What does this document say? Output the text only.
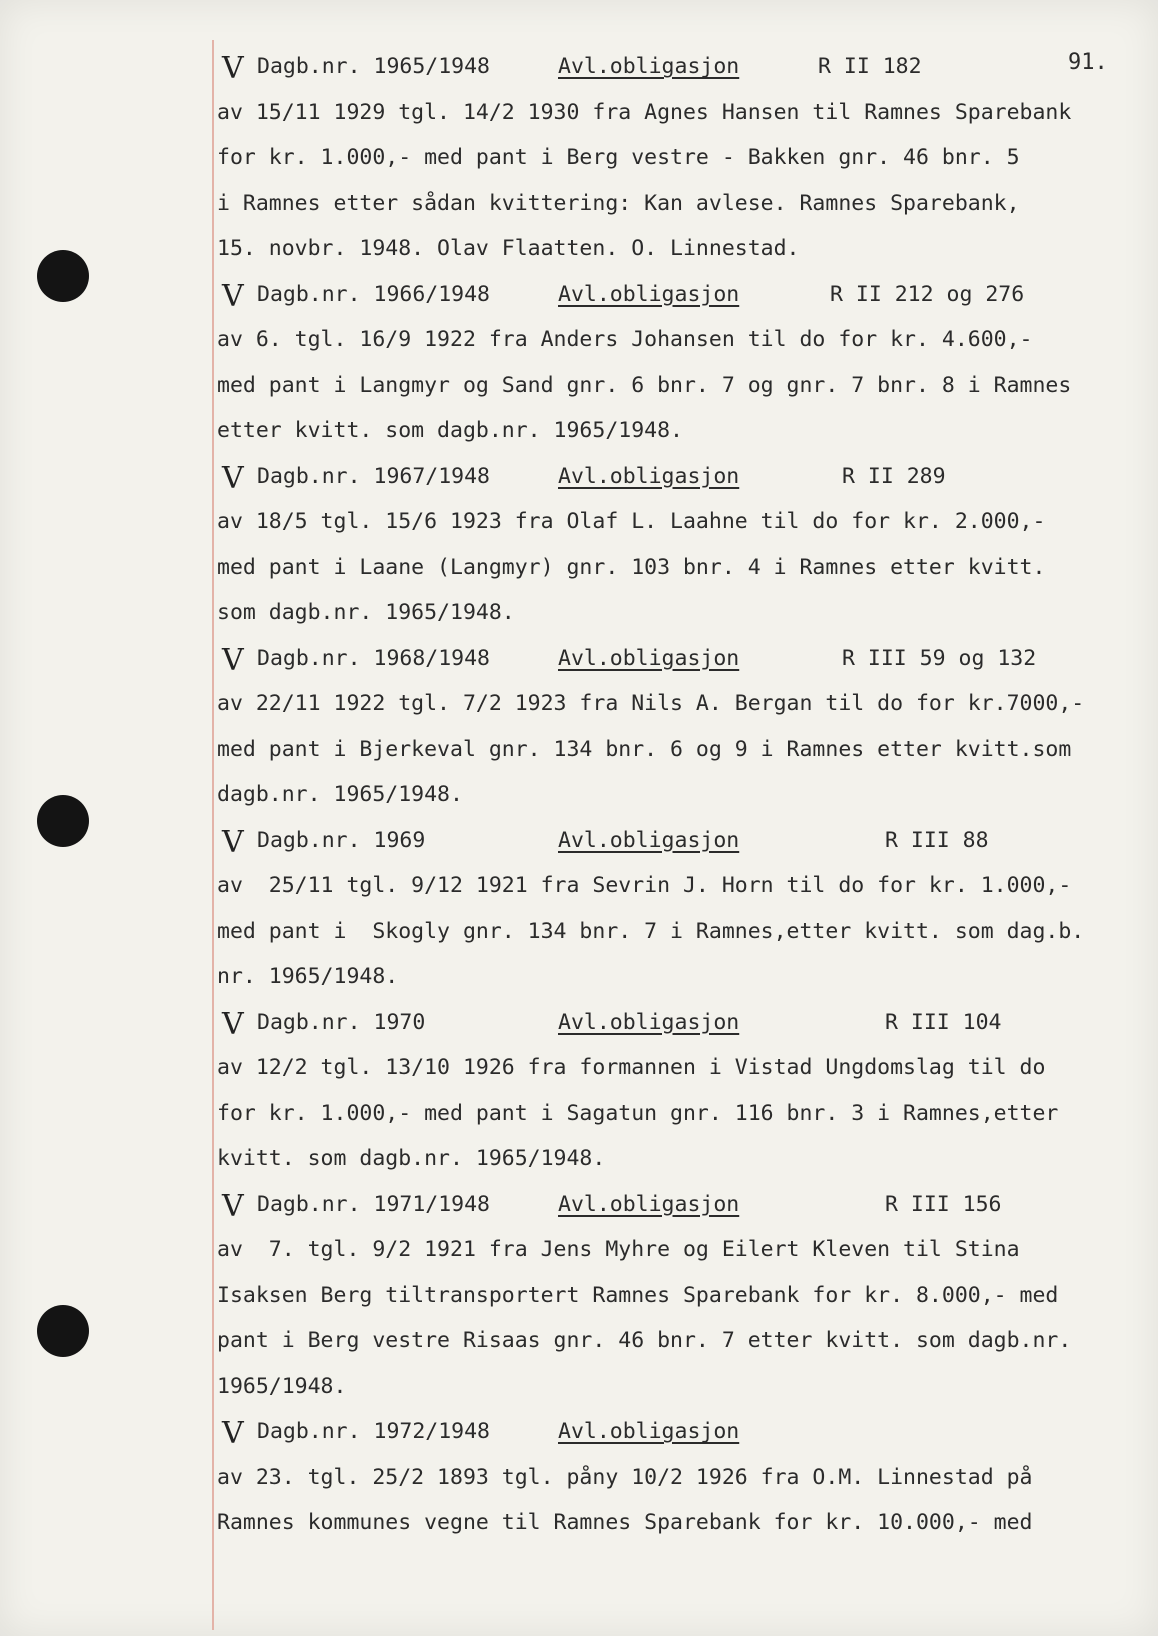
91.
V Dagb.nr. 1965/1948	Avl.obligasjon	R II 182
av 15/11 1929 tgl. 14/2 1930 fra Agnes Hansen til Ramnes Sparebank
for kr. 1.000,- med pant i Berg vestre - Bakken gnr. 46 bnr. 5
i Ramnes etter sådan kvittering: Kan avlese. Ramnes Sparebank,
15. novbr. 1948. Olav Flaatten. O. Linnestad.
V Dagb.nr. 1966/1948	Avl.obligasjon	R II 212 og 276
av 6. tgl. 16/9 1922 fra Anders Johansen til do for kr. 4.600,-
med pant i Langmyr og Sand gnr. 6 bnr. 7 og gnr. 7 bnr. 8 i Ramnes
etter kvitt. som dagb.nr. 1965/1948.
V Dagb.nr. 1967/1948	Avl.obligasjon	R II 289
av 18/5 tgl. 15/6 1923 fra Olaf L. Laahne til do for kr. 2.000,-
med pant i Laane (Langmyr) gnr. 103 bnr. 4 i Ramnes etter kvitt.
som dagb.nr. 1965/1948.
V Dagb.nr. 1968/1948	Avl.obligasjon	R III 59 og 132
av 22/11 1922 tgl. 7/2 1923 fra Nils A. Bergan til do for kr.7000,-
med pant i Bjerkeval gnr. 134 bnr. 6 og 9 i Ramnes etter kvitt.som
dagb.nr. 1965/1948.
V Dagb.nr. 1969	Avl.obligasjon	R III 88
av  25/11 tgl. 9/12 1921 fra Sevrin J. Horn til do for kr. 1.000,-
med pant i  Skogly gnr. 134 bnr. 7 i Ramnes,etter kvitt. som dag.b.
nr. 1965/1948.
V Dagb.nr. 1970	Avl.obligasjon	R III 104
av 12/2 tgl. 13/10 1926 fra formannen i Vistad Ungdomslag til do
for kr. 1.000,- med pant i Sagatun gnr. 116 bnr. 3 i Ramnes,etter
kvitt. som dagb.nr. 1965/1948.
V Dagb.nr. 1971/1948	Avl.obligasjon	R III 156
av  7. tgl. 9/2 1921 fra Jens Myhre og Eilert Kleven til Stina
Isaksen Berg tiltransportert Ramnes Sparebank for kr. 8.000,- med
pant i Berg vestre Risaas gnr. 46 bnr. 7 etter kvitt. som dagb.nr.
1965/1948.
V Dagb.nr. 1972/1948	Avl.obligasjon
av 23. tgl. 25/2 1893 tgl. påny 10/2 1926 fra O.M. Linnestad på
Ramnes kommunes vegne til Ramnes Sparebank for kr. 10.000,- med
